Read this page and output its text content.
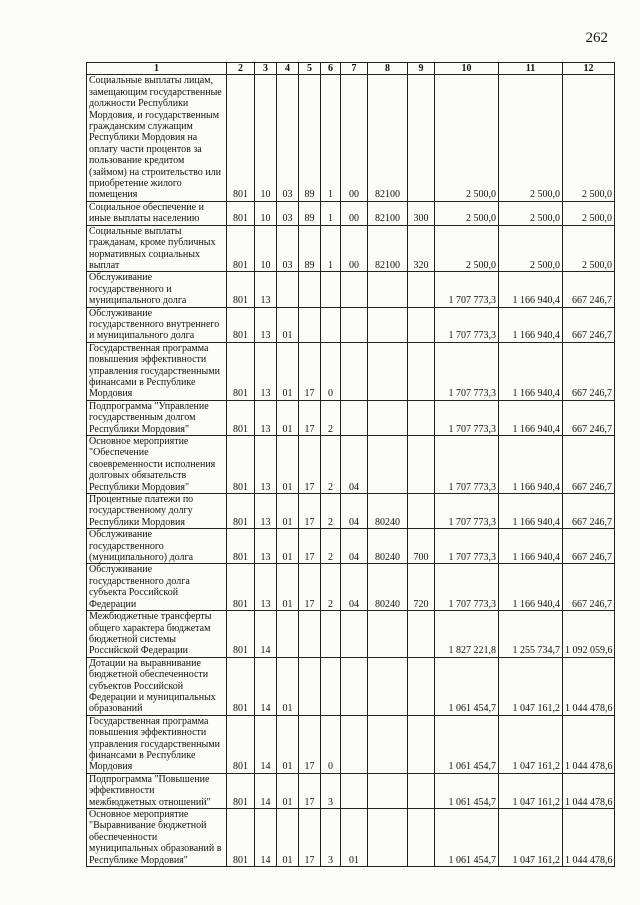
262
1	2	3	4	5	6	7	8	9	10	11	12
Социальные выплаты лицам, замещающим государственные должности Республики Мордовия, и государственным гражданским служащим Республики Мордовия на оплату части процентов за пользование кредитом (займом) на строительство или приобретение жилого помещения	801	10	03	89	1	00	82100		2 500,0	2 500,0	2 500,0
Социальное обеспечение и иные выплаты населению	801	10	03	89	1	00	82100	300	2 500,0	2 500,0	2 500,0
Социальные выплаты гражданам, кроме публичных нормативных социальных выплат	801	10	03	89	1	00	82100	320	2 500,0	2 500,0	2 500,0
Обслуживание государственного и муниципального долга	801	13							1 707 773,3	1 166 940,4	667 246,7
Обслуживание государственного внутреннего и муниципального долга	801	13	01						1 707 773,3	1 166 940,4	667 246,7
Государственная программа повышения эффективности управления государственными финансами в Республике Мордовия	801	13	01	17	0				1 707 773,3	1 166 940,4	667 246,7
Подпрограмма "Управление государственным долгом Республики Мордовия"	801	13	01	17	2				1 707 773,3	1 166 940,4	667 246,7
Основное мероприятие "Обеспечение своевременности исполнения долговых обязательств Республики Мордовия"	801	13	01	17	2	04			1 707 773,3	1 166 940,4	667 246,7
Процентные платежи по государственному долгу Республики Мордовия	801	13	01	17	2	04	80240		1 707 773,3	1 166 940,4	667 246,7
Обслуживание государственного (муниципального) долга	801	13	01	17	2	04	80240	700	1 707 773,3	1 166 940,4	667 246,7
Обслуживание государственного долга субъекта Российской Федерации	801	13	01	17	2	04	80240	720	1 707 773,3	1 166 940,4	667 246,7
Межбюджетные трансферты общего характера бюджетам бюджетной системы Российской Федерации	801	14							1 827 221,8	1 255 734,7	1 092 059,6
Дотации на выравнивание бюджетной обеспеченности субъектов Российской Федерации и муниципальных образований	801	14	01						1 061 454,7	1 047 161,2	1 044 478,6
Государственная программа повышения эффективности управления государственными финансами в Республике Мордовия	801	14	01	17	0				1 061 454,7	1 047 161,2	1 044 478,6
Подпрограмма "Повышение эффективности межбюджетных отношений"	801	14	01	17	3				1 061 454,7	1 047 161,2	1 044 478,6
Основное мероприятие "Выравнивание бюджетной обеспеченности муниципальных образований в Республике Мордовия"	801	14	01	17	3	01			1 061 454,7	1 047 161,2	1 044 478,6
